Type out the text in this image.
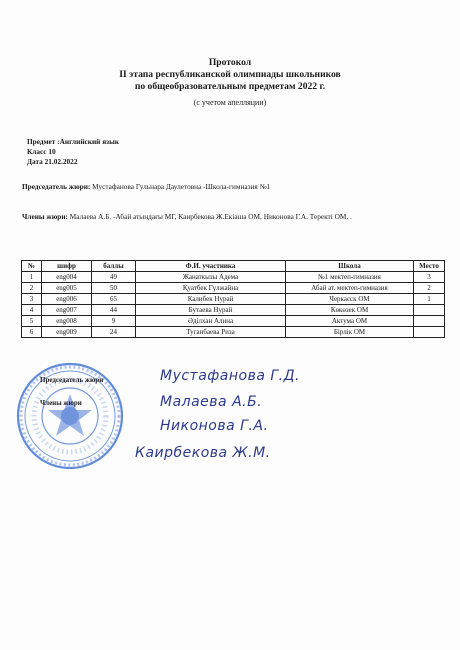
Протокол
II этапа республиканской олимпиады школьников
по общеобразовательным предметам 2022 г.
(с учетом апелляции)
Предмет :Английский язык
Класс 10
Дата 21.02.2022
Председатель жюри: Мустафанова Гульнара Даулетовна -Школа-гимназия №1
Члены жюри: Малаева А.Б. -Абай атындағы МГ, Каирбекова Ж.Екіаша ОМ, Никонова Г.А. Теректі ОМ, .
№	шифр	баллы	Ф.И. участника	Школа	Место
1	eng004	49	Жанаткызы Адема	№1 мектеп-гимназия	3
2	eng005	50	Қуатбек Гүлжайна	Абай ат. мектеп-гимназия	2
3	eng006	65	Калибек Нурай	Черкасск ОМ	1
4	eng007	44	Бутаева Нурай	Көкөзек ОМ	
5	eng008	9	Әділхан Алина	Актума ОМ	
6	eng009	24	Туганбаева Риза	Бірлік ОМ	
Председатель жюри
Члены жюри
Мустафанова Г.Д.
Малаева А.Б.
Никонова Г.А.
Каирбекова Ж.М.
